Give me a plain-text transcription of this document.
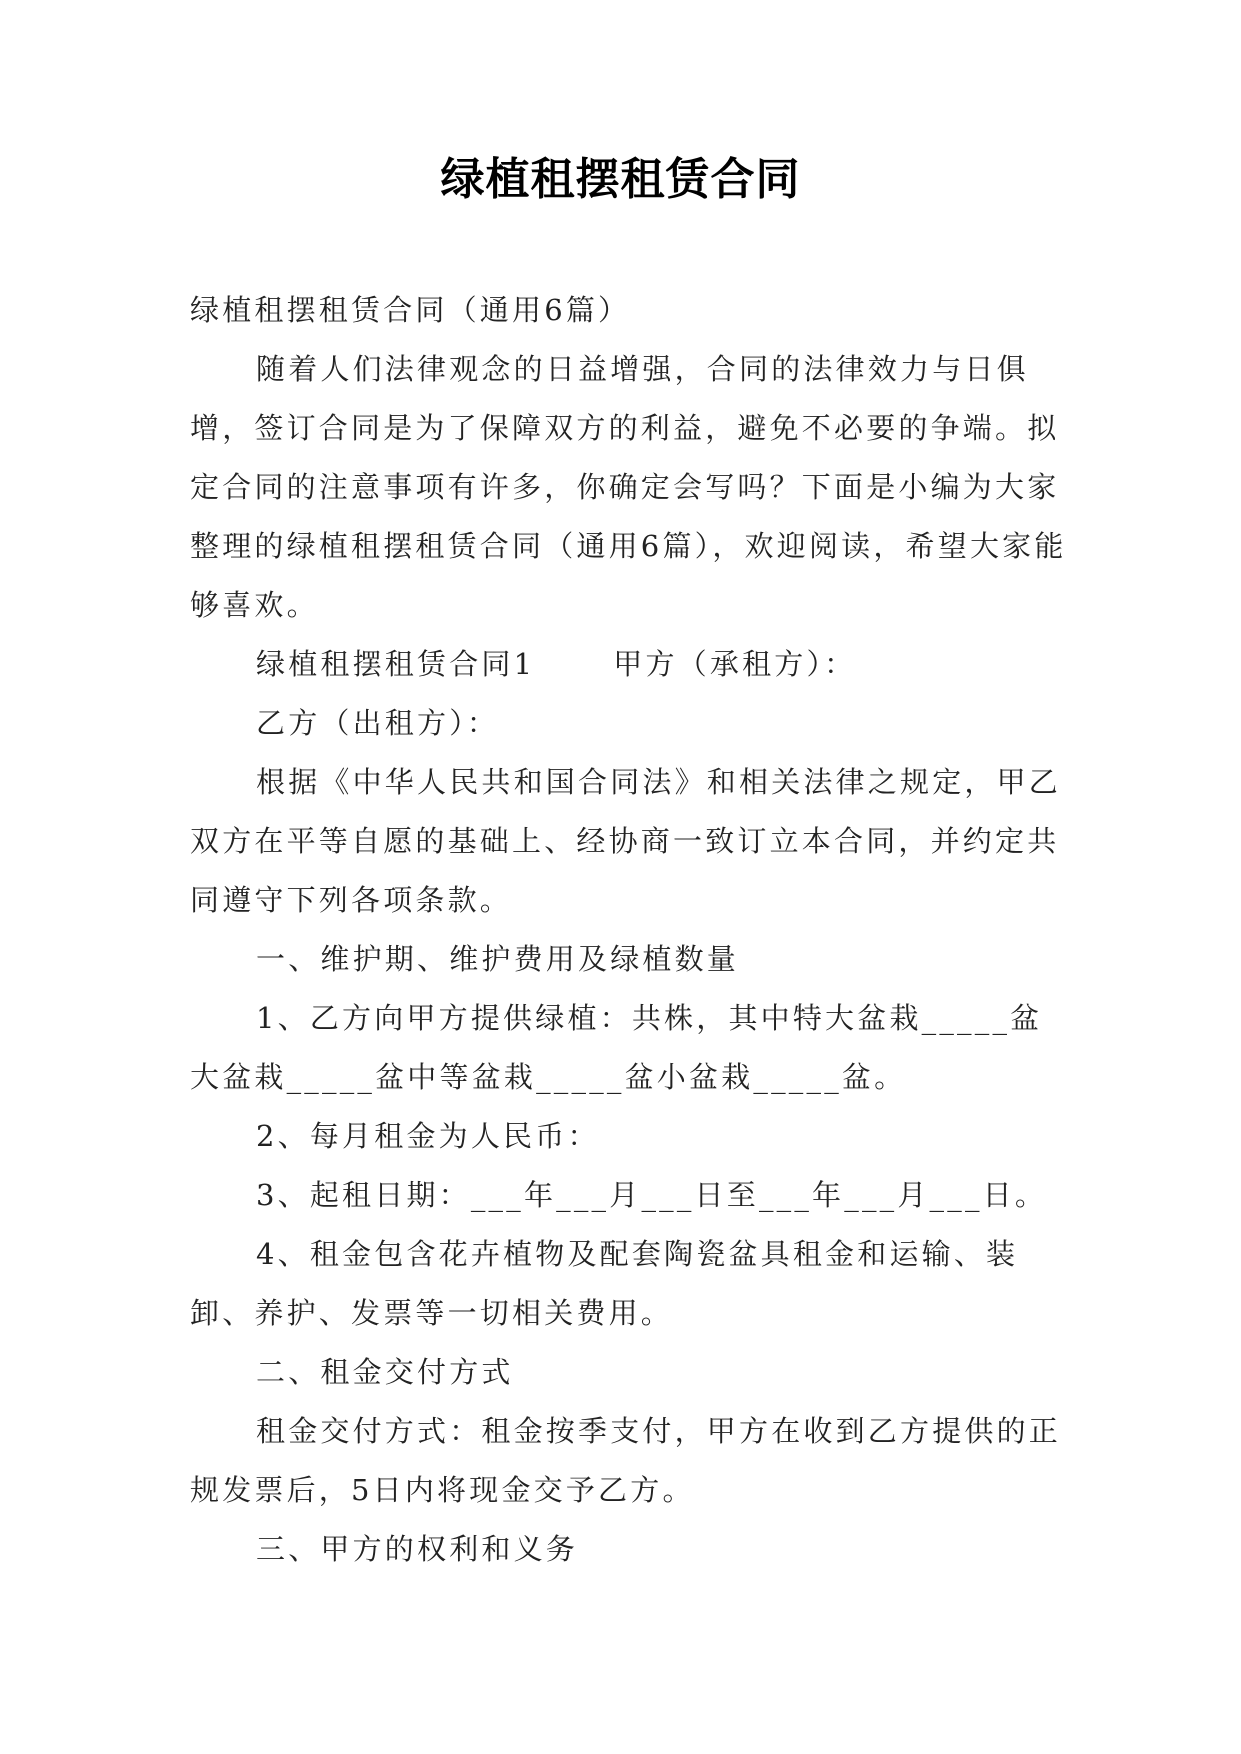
绿植租摆租赁合同

绿植租摆租赁合同（通用6篇）

随着人们法律观念的日益增强，合同的法律效力与日俱增，签订合同是为了保障双方的利益，避免不必要的争端。拟定合同的注意事项有许多，你确定会写吗？下面是小编为大家整理的绿植租摆租赁合同（通用6篇），欢迎阅读，希望大家能够喜欢。

绿植租摆租赁合同1	甲方（承租方）：

乙方（出租方）：

根据《中华人民共和国合同法》和相关法律之规定，甲乙双方在平等自愿的基础上、经协商一致订立本合同，并约定共同遵守下列各项条款。

一、维护期、维护费用及绿植数量

1、乙方向甲方提供绿植：共株，其中特大盆栽_____盆大盆栽_____盆中等盆栽_____盆小盆栽_____盆。

2、每月租金为人民币：

3、起租日期：___年___月___日至___年___月___日。

4、租金包含花卉植物及配套陶瓷盆具租金和运输、装卸、养护、发票等一切相关费用。

二、租金交付方式

租金交付方式：租金按季支付，甲方在收到乙方提供的正规发票后，5日内将现金交予乙方。

三、甲方的权利和义务
